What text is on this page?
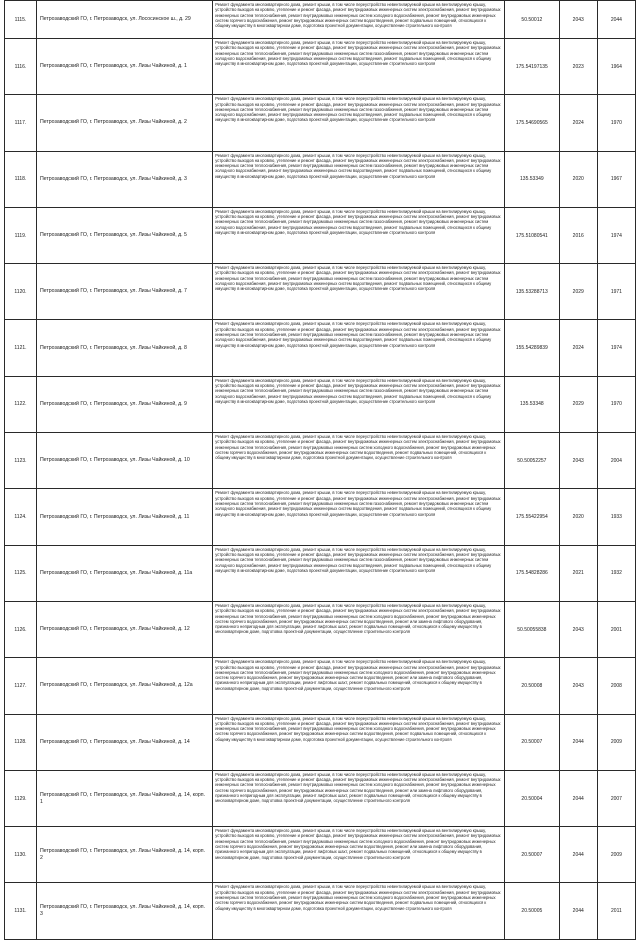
1115.	Петрозаводский ГО, г. Петрозаводск, ул. Лососинское ш., д. 29	Ремонт фундамента многоквартирного дома, ремонт крыши, в том числе переустройство невентилируемой крыши на вентилируемую крышу, устройство выходов на кровлю, утепление и ремонт фасада, ремонт внутридомовых инженерных систем электроснабжения, ремонт внутридомовых инженерных систем теплоснабжения, ремонт внутридомовых инженерных систем холодного водоснабжения, ремонт внутридомовых инженерных систем горячего водоснабжения, ремонт внутридомовых инженерных систем водоотведения, ремонт подвальных помещений, относящихся к общему имуществу в многоквартирном доме, подготовка проектной документации, осуществление строительного контроля	50.50012	2043	2044
1116.	Петрозаводский ГО, г. Петрозаводск, ул. Лизы Чайкиной, д. 1	Ремонт фундамента многоквартирного дома, ремонт крыши, в том числе переустройство невентилируемой крыши на вентилируемую крышу, устройство выходов на кровлю, утепление и ремонт фасада, ремонт внутридомовых инженерных систем электроснабжения, ремонт внутридомовых инженерных систем теплоснабжения, ремонт внутридомовых инженерных систем газоснабжения, ремонт внутридомовых инженерных систем холодного водоснабжения, ремонт внутридомовых инженерных систем водоотведения, ремонт подвальных помещений, относящихся к общему имуществу в многоквартирном доме, подготовка проектной документации, осуществление строительного контроля	175.54197135	2023	1964
1117.	Петрозаводский ГО, г. Петрозаводск, ул. Лизы Чайкиной, д. 2	Ремонт фундамента многоквартирного дома, ремонт крыши, в том числе переустройство невентилируемой крыши на вентилируемую крышу, устройство выходов на кровлю, утепление и ремонт фасада, ремонт внутридомовых инженерных систем электроснабжения, ремонт внутридомовых инженерных систем теплоснабжения, ремонт внутридомовых инженерных систем газоснабжения, ремонт внутридомовых инженерных систем холодного водоснабжения, ремонт внутридомовых инженерных систем водоотведения, ремонт подвальных помещений, относящихся к общему имуществу в многоквартирном доме, подготовка проектной документации, осуществление строительного контроля	175.54690565	2024	1970
1118.	Петрозаводский ГО, г. Петрозаводск, ул. Лизы Чайкиной, д. 3	Ремонт фундамента многоквартирного дома, ремонт крыши, в том числе переустройство невентилируемой крыши на вентилируемую крышу, устройство выходов на кровлю, утепление и ремонт фасада, ремонт внутридомовых инженерных систем электроснабжения, ремонт внутридомовых инженерных систем теплоснабжения, ремонт внутридомовых инженерных систем газоснабжения, ремонт внутридомовых инженерных систем холодного водоснабжения, ремонт внутридомовых инженерных систем водоотведения, ремонт подвальных помещений, относящихся к общему имуществу в многоквартирном доме, подготовка проектной документации, осуществление строительного контроля	135.53349	2020	1967
1119.	Петрозаводский ГО, г. Петрозаводск, ул. Лизы Чайкиной, д. 5	Ремонт фундамента многоквартирного дома, ремонт крыши, в том числе переустройство невентилируемой крыши на вентилируемую крышу, устройство выходов на кровлю, утепление и ремонт фасада, ремонт внутридомовых инженерных систем электроснабжения, ремонт внутридомовых инженерных систем теплоснабжения, ремонт внутридомовых инженерных систем газоснабжения, ремонт внутридомовых инженерных систем холодного водоснабжения, ремонт внутридомовых инженерных систем водоотведения, ремонт подвальных помещений, относящихся к общему имуществу в многоквартирном доме, подготовка проектной документации, осуществление строительного контроля	175.51080541	2016	1974
1120.	Петрозаводский ГО, г. Петрозаводск, ул. Лизы Чайкиной, д. 7	Ремонт фундамента многоквартирного дома, ремонт крыши, в том числе переустройство невентилируемой крыши на вентилируемую крышу, устройство выходов на кровлю, утепление и ремонт фасада, ремонт внутридомовых инженерных систем электроснабжения, ремонт внутридомовых инженерных систем теплоснабжения, ремонт внутридомовых инженерных систем газоснабжения, ремонт внутридомовых инженерных систем холодного водоснабжения, ремонт внутридомовых инженерных систем водоотведения, ремонт подвальных помещений, относящихся к общему имуществу в многоквартирном доме, подготовка проектной документации, осуществление строительного контроля	135.53288713	2029	1971
1121.	Петрозаводский ГО, г. Петрозаводск, ул. Лизы Чайкиной, д. 8	Ремонт фундамента многоквартирного дома, ремонт крыши, в том числе переустройство невентилируемой крыши на вентилируемую крышу, устройство выходов на кровлю, утепление и ремонт фасада, ремонт внутридомовых инженерных систем электроснабжения, ремонт внутридомовых инженерных систем теплоснабжения, ремонт внутридомовых инженерных систем газоснабжения, ремонт внутридомовых инженерных систем холодного водоснабжения, ремонт внутридомовых инженерных систем водоотведения, ремонт подвальных помещений, относящихся к общему имуществу в многоквартирном доме, подготовка проектной документации, осуществление строительного контроля	155.54289839	2024	1974
1122.	Петрозаводский ГО, г. Петрозаводск, ул. Лизы Чайкиной, д. 9	Ремонт фундамента многоквартирного дома, ремонт крыши, в том числе переустройство невентилируемой крыши на вентилируемую крышу, устройство выходов на кровлю, утепление и ремонт фасада, ремонт внутридомовых инженерных систем электроснабжения, ремонт внутридомовых инженерных систем теплоснабжения, ремонт внутридомовых инженерных систем газоснабжения, ремонт внутридомовых инженерных систем холодного водоснабжения, ремонт внутридомовых инженерных систем водоотведения, ремонт подвальных помещений, относящихся к общему имуществу в многоквартирном доме, подготовка проектной документации, осуществление строительного контроля	135.53348	2029	1970
1123.	Петрозаводский ГО, г. Петрозаводск, ул. Лизы Чайкиной, д. 10	Ремонт фундамента многоквартирного дома, ремонт крыши, в том числе переустройство невентилируемой крыши на вентилируемую крышу, устройство выходов на кровлю, утепление и ремонт фасада, ремонт внутридомовых инженерных систем электроснабжения, ремонт внутридомовых инженерных систем теплоснабжения, ремонт внутридомовых инженерных систем холодного водоснабжения, ремонт внутридомовых инженерных систем горячего водоснабжения, ремонт внутридомовых инженерных систем водоотведения, ремонт подвальных помещений, относящихся к общему имуществу в многоквартирном доме, подготовка проектной документации, осуществление строительного контроля	50.50052257	2043	2004
1124.	Петрозаводский ГО, г. Петрозаводск, ул. Лизы Чайкиной, д. 11	Ремонт фундамента многоквартирного дома, ремонт крыши, в том числе переустройство невентилируемой крыши на вентилируемую крышу, устройство выходов на кровлю, утепление и ремонт фасада, ремонт внутридомовых инженерных систем электроснабжения, ремонт внутридомовых инженерных систем теплоснабжения, ремонт внутридомовых инженерных систем газоснабжения, ремонт внутридомовых инженерных систем холодного водоснабжения, ремонт внутридомовых инженерных систем водоотведения, ремонт подвальных помещений, относящихся к общему имуществу в многоквартирном доме, подготовка проектной документации, осуществление строительного контроля	175.55422954	2020	1933
1125.	Петрозаводский ГО, г. Петрозаводск, ул. Лизы Чайкиной, д. 11а	Ремонт фундамента многоквартирного дома, ремонт крыши, в том числе переустройство невентилируемой крыши на вентилируемую крышу, устройство выходов на кровлю, утепление и ремонт фасада, ремонт внутридомовых инженерных систем электроснабжения, ремонт внутридомовых инженерных систем теплоснабжения, ремонт внутридомовых инженерных систем газоснабжения, ремонт внутридомовых инженерных систем холодного водоснабжения, ремонт внутридомовых инженерных систем водоотведения, ремонт подвальных помещений, относящихся к общему имуществу в многоквартирном доме, подготовка проектной документации, осуществление строительного контроля	175.54828286	2021	1932
1126.	Петрозаводский ГО, г. Петрозаводск, ул. Лизы Чайкиной, д. 12	Ремонт фундамента многоквартирного дома, ремонт крыши, в том числе переустройство невентилируемой крыши на вентилируемую крышу, устройство выходов на кровлю, утепление и ремонт фасада, ремонт внутридомовых инженерных систем электроснабжения, ремонт внутридомовых инженерных систем теплоснабжения, ремонт внутридомовых инженерных систем холодного водоснабжения, ремонт внутридомовых инженерных систем горячего водоснабжения, ремонт внутридомовых инженерных систем водоотведения, ремонт или замена лифтового оборудования, признанного непригодным для эксплуатации, ремонт лифтовых шахт, ремонт подвальных помещений, относящихся к общему имуществу в многоквартирном доме, подготовка проектной документации, осуществление строительного контроля	50.50055838	2043	2001
1127.	Петрозаводский ГО, г. Петрозаводск, ул. Лизы Чайкиной, д. 12а	Ремонт фундамента многоквартирного дома, ремонт крыши, в том числе переустройство невентилируемой крыши на вентилируемую крышу, устройство выходов на кровлю, утепление и ремонт фасада, ремонт внутридомовых инженерных систем электроснабжения, ремонт внутридомовых инженерных систем теплоснабжения, ремонт внутридомовых инженерных систем холодного водоснабжения, ремонт внутридомовых инженерных систем горячего водоснабжения, ремонт внутридомовых инженерных систем водоотведения, ремонт или замена лифтового оборудования, признанного непригодным для эксплуатации, ремонт лифтовых шахт, ремонт подвальных помещений, относящихся к общему имуществу в многоквартирном доме, подготовка проектной документации, осуществление строительного контроля	20.50008	2043	2008
1128.	Петрозаводский ГО, г. Петрозаводск, ул. Лизы Чайкиной, д. 14	Ремонт фундамента многоквартирного дома, ремонт крыши, в том числе переустройство невентилируемой крыши на вентилируемую крышу, устройство выходов на кровлю, утепление и ремонт фасада, ремонт внутридомовых инженерных систем электроснабжения, ремонт внутридомовых инженерных систем теплоснабжения, ремонт внутридомовых инженерных систем холодного водоснабжения, ремонт внутридомовых инженерных систем горячего водоснабжения, ремонт внутридомовых инженерных систем водоотведения, ремонт подвальных помещений, относящихся к общему имуществу в многоквартирном доме, подготовка проектной документации, осуществление строительного контроля	20.50007	2044	2009
1129.	Петрозаводский ГО, г. Петрозаводск, ул. Лизы Чайкиной, д. 14, корп. 1	Ремонт фундамента многоквартирного дома, ремонт крыши, в том числе переустройство невентилируемой крыши на вентилируемую крышу, устройство выходов на кровлю, утепление и ремонт фасада, ремонт внутридомовых инженерных систем электроснабжения, ремонт внутридомовых инженерных систем теплоснабжения, ремонт внутридомовых инженерных систем холодного водоснабжения, ремонт внутридомовых инженерных систем горячего водоснабжения, ремонт внутридомовых инженерных систем водоотведения, ремонт или замена лифтового оборудования, признанного непригодным для эксплуатации, ремонт лифтовых шахт, ремонт подвальных помещений, относящихся к общему имуществу в многоквартирном доме, подготовка проектной документации, осуществление строительного контроля	20.50004	2044	2007
1130.	Петрозаводский ГО, г. Петрозаводск, ул. Лизы Чайкиной, д. 14, корп. 2	Ремонт фундамента многоквартирного дома, ремонт крыши, в том числе переустройство невентилируемой крыши на вентилируемую крышу, устройство выходов на кровлю, утепление и ремонт фасада, ремонт внутридомовых инженерных систем электроснабжения, ремонт внутридомовых инженерных систем теплоснабжения, ремонт внутридомовых инженерных систем холодного водоснабжения, ремонт внутридомовых инженерных систем горячего водоснабжения, ремонт внутридомовых инженерных систем водоотведения, ремонт или замена лифтового оборудования, признанного непригодным для эксплуатации, ремонт лифтовых шахт, ремонт подвальных помещений, относящихся к общему имуществу в многоквартирном доме, подготовка проектной документации, осуществление строительного контроля	20.50007	2044	2009
1131.	Петрозаводский ГО, г. Петрозаводск, ул. Лизы Чайкиной, д. 14, корп. 3	Ремонт фундамента многоквартирного дома, ремонт крыши, в том числе переустройство невентилируемой крыши на вентилируемую крышу, устройство выходов на кровлю, утепление и ремонт фасада, ремонт внутридомовых инженерных систем электроснабжения, ремонт внутридомовых инженерных систем теплоснабжения, ремонт внутридомовых инженерных систем холодного водоснабжения, ремонт внутридомовых инженерных систем горячего водоснабжения, ремонт внутридомовых инженерных систем водоотведения, ремонт подвальных помещений, относящихся к общему имуществу в многоквартирном доме, подготовка проектной документации, осуществление строительного контроля	20.50005	2044	2011
